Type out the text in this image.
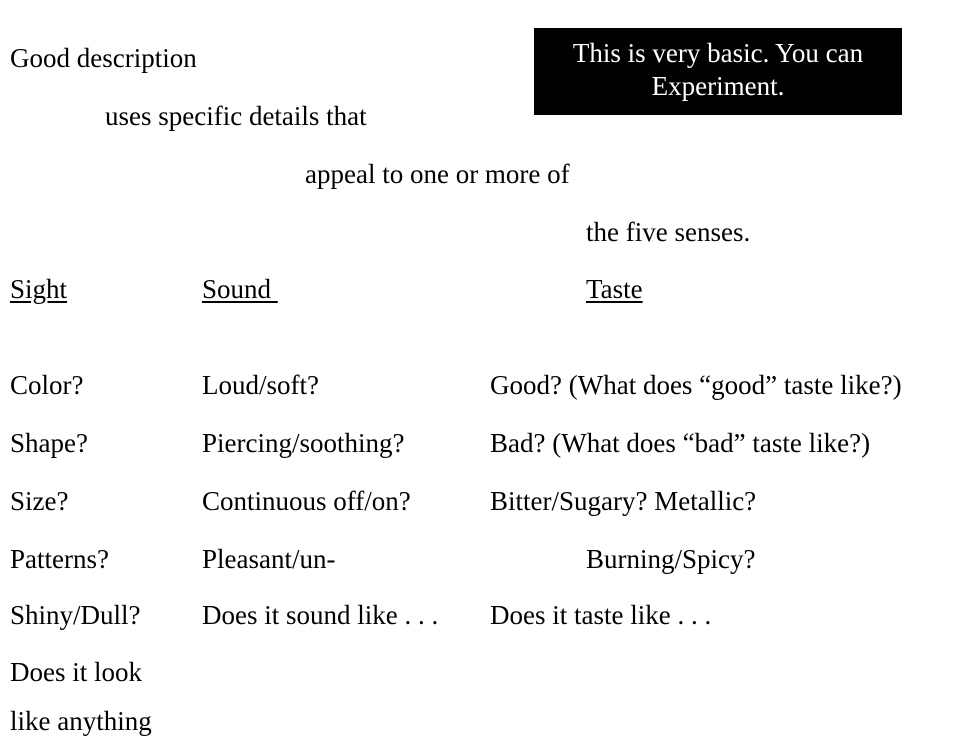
Good description
uses specific details that
appeal to one or more of
the five senses.
This is very basic. You can
Experiment.
Sight	Sound	Taste
Color?
Shape?
Size?
Patterns?
Shiny/Dull?
Does it look
like anything
Loud/soft?
Piercing/soothing?
Continuous off/on?
Pleasant/un-
Does it sound like . . .
Good? (What does “good” taste like?)
Bad? (What does “bad” taste like?)
Bitter/Sugary? Metallic?
Burning/Spicy?
Does it taste like . . .
